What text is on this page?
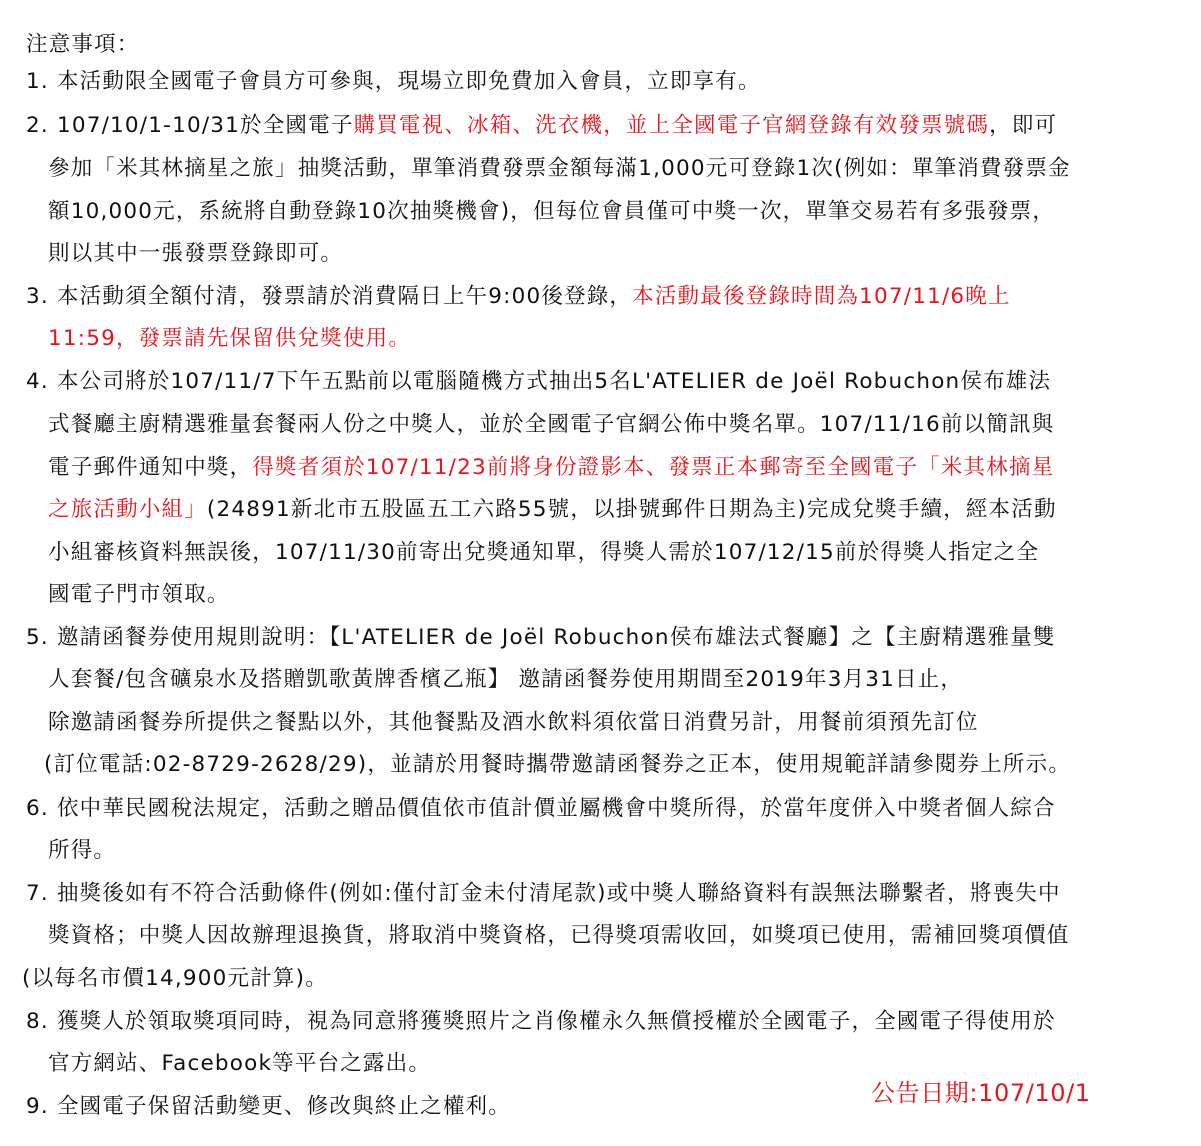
注意事項：
1. 本活動限全國電子會員方可參與，現場立即免費加入會員，立即享有。
2. 107/10/1-10/31於全國電子購買電視、冰箱、洗衣機，並上全國電子官網登錄有效發票號碼，即可
參加「米其林摘星之旅」抽獎活動，單筆消費發票金額每滿1,000元可登錄1次(例如：單筆消費發票金
額10,000元，系統將自動登錄10次抽獎機會)，但每位會員僅可中獎一次，單筆交易若有多張發票，
則以其中一張發票登錄即可。
3. 本活動須全額付清，發票請於消費隔日上午9:00後登錄，本活動最後登錄時間為107/11/6晚上
11:59，發票請先保留供兌獎使用。
4. 本公司將於107/11/7下午五點前以電腦隨機方式抽出5名L'ATELIER de Joël Robuchon侯布雄法
式餐廳主廚精選雅量套餐兩人份之中獎人，並於全國電子官網公佈中獎名單。107/11/16前以簡訊與
電子郵件通知中獎，得獎者須於107/11/23前將身份證影本、發票正本郵寄至全國電子「米其林摘星
之旅活動小組」(24891新北市五股區五工六路55號，以掛號郵件日期為主)完成兌獎手續，經本活動
小組審核資料無誤後，107/11/30前寄出兌獎通知單，得獎人需於107/12/15前於得獎人指定之全
國電子門市領取。
5. 邀請函餐券使用規則說明：【L'ATELIER de Joël Robuchon侯布雄法式餐廳】之【主廚精選雅量雙
人套餐/包含礦泉水及搭贈凱歌黃牌香檳乙瓶】 邀請函餐券使用期間至2019年3月31日止，
除邀請函餐券所提供之餐點以外，其他餐點及酒水飲料須依當日消費另計，用餐前須預先訂位
(訂位電話:02-8729-2628/29)，並請於用餐時攜帶邀請函餐券之正本，使用規範詳請參閱券上所示。
6. 依中華民國稅法規定，活動之贈品價值依市值計價並屬機會中獎所得，於當年度併入中獎者個人綜合
所得。
7. 抽獎後如有不符合活動條件(例如:僅付訂金未付清尾款)或中獎人聯絡資料有誤無法聯繫者，將喪失中
獎資格；中獎人因故辦理退換貨，將取消中獎資格，已得獎項需收回，如獎項已使用，需補回獎項價值
(以每名市價14,900元計算)。
8. 獲獎人於領取獎項同時，視為同意將獲獎照片之肖像權永久無償授權於全國電子，全國電子得使用於
官方網站、Facebook等平台之露出。
9. 全國電子保留活動變更、修改與終止之權利。	公告日期:107/10/1
